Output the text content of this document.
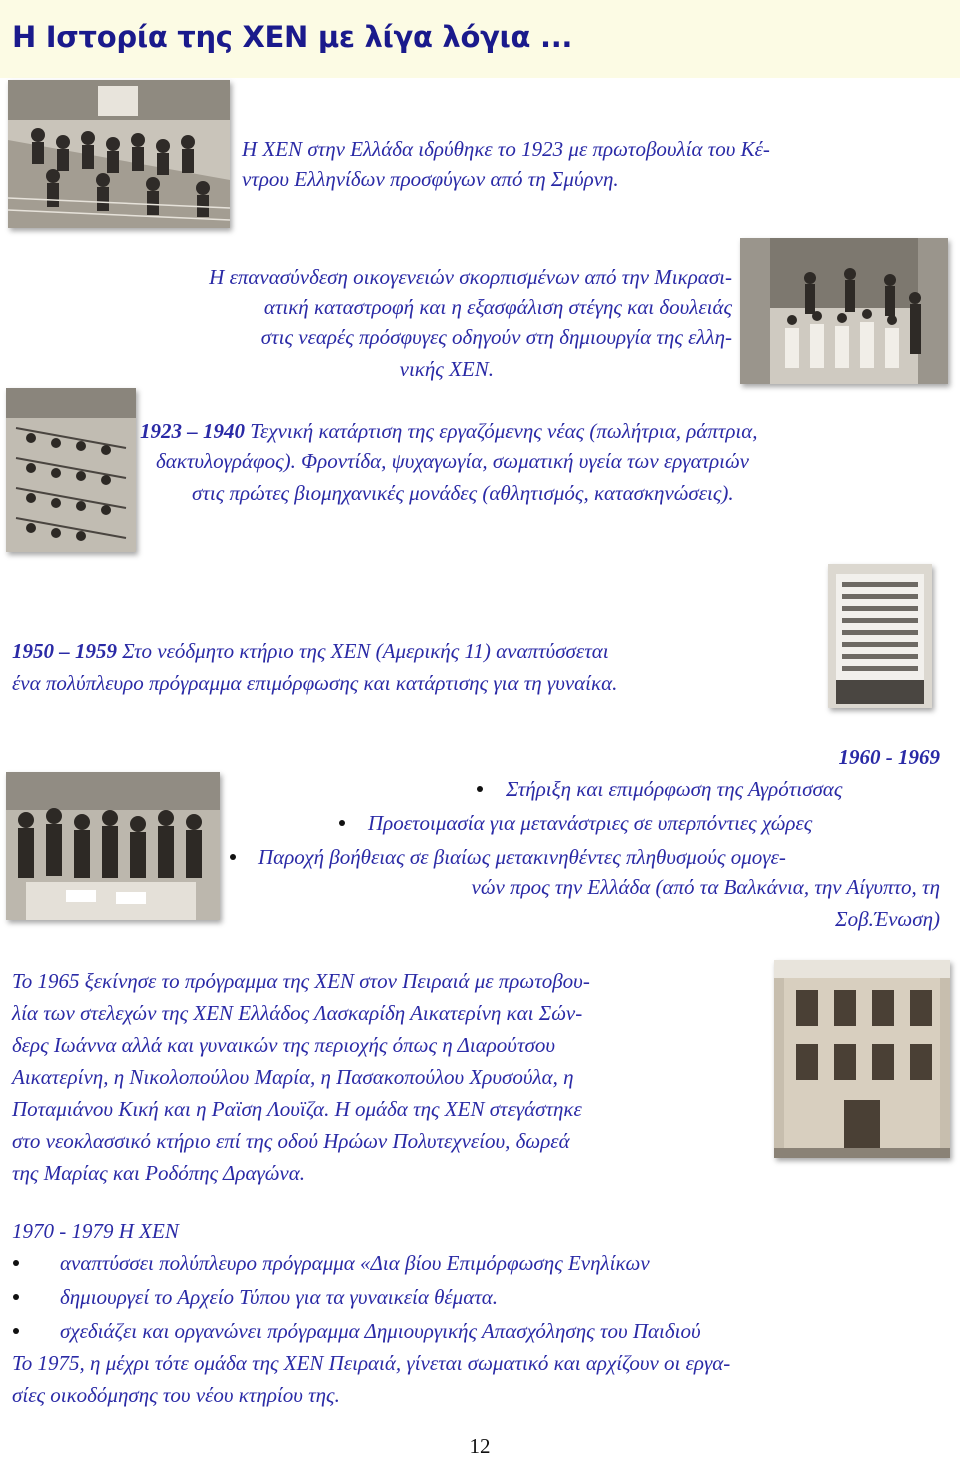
Η Ιστορία της ΧΕΝ με λίγα λόγια ...
Η ΧΕΝ στην Ελλάδα ιδρύθηκε το 1923 με πρωτοβουλία του Κέ-
ντρου Ελληνίδων προσφύγων από τη Σμύρνη.
Η επανασύνδεση οικογενειών σκορπισμένων από την Μικρασι-
ατική καταστροφή και η εξασφάλιση στέγης και δουλειάς
στις νεαρές πρόσφυγες οδηγούν στη δημιουργία της ελλη-
νικής ΧΕΝ.
1923 – 1940 Τεχνική κατάρτιση της εργαζόμενης νέας (πωλήτρια, ράπτρια,
δακτυλογράφος). Φροντίδα, ψυχαγωγία, σωματική υγεία των εργατριών
στις πρώτες βιομηχανικές μονάδες (αθλητισμός, κατασκηνώσεις).
1950 – 1959 Στο νεόδμητο κτήριο της ΧΕΝ (Αμερικής 11) αναπτύσσεται
ένα πολύπλευρο πρόγραμμα επιμόρφωσης και κατάρτισης για τη γυναίκα.
1960 - 1969
Στήριξη και επιμόρφωση της Αγρότισσας
Προετοιμασία για μετανάστριες σε υπερπόντιες χώρες
Παροχή βοήθειας σε βιαίως μετακινηθέντες πληθυσμούς ομογε-
νών προς την Ελλάδα (από τα Βαλκάνια, την Αίγυπτο, τη
Σοβ.Ένωση)
Το 1965 ξεκίνησε το πρόγραμμα της ΧΕΝ στον Πειραιά με πρωτοβου-
λία των στελεχών της ΧΕΝ Ελλάδος Λασκαρίδη Αικατερίνη και Σών-
δερς Ιωάννα αλλά και γυναικών της περιοχής όπως η Διαρούτσου
Αικατερίνη, η Νικολοπούλου Μαρία, η Πασακοπούλου Χρυσούλα, η
Ποταμιάνου Κική και η Ραϊση Λουϊζα. Η ομάδα της ΧΕΝ στεγάστηκε
στο νεοκλασσικό κτήριο επί της οδού Ηρώων Πολυτεχνείου, δωρεά
της Μαρίας και Ροδόπης Δραγώνα.
1970 - 1979 Η ΧΕΝ
αναπτύσσει πολύπλευρο πρόγραμμα «Δια βίου Επιμόρφωσης Ενηλίκων
δημιουργεί το Αρχείο Τύπου για τα γυναικεία θέματα.
σχεδιάζει και οργανώνει πρόγραμμα Δημιουργικής Απασχόλησης του Παιδιού
Το 1975, η μέχρι τότε ομάδα της ΧΕΝ Πειραιά, γίνεται σωματικό και αρχίζουν οι εργα-
σίες οικοδόμησης του νέου κτηρίου της.
12
